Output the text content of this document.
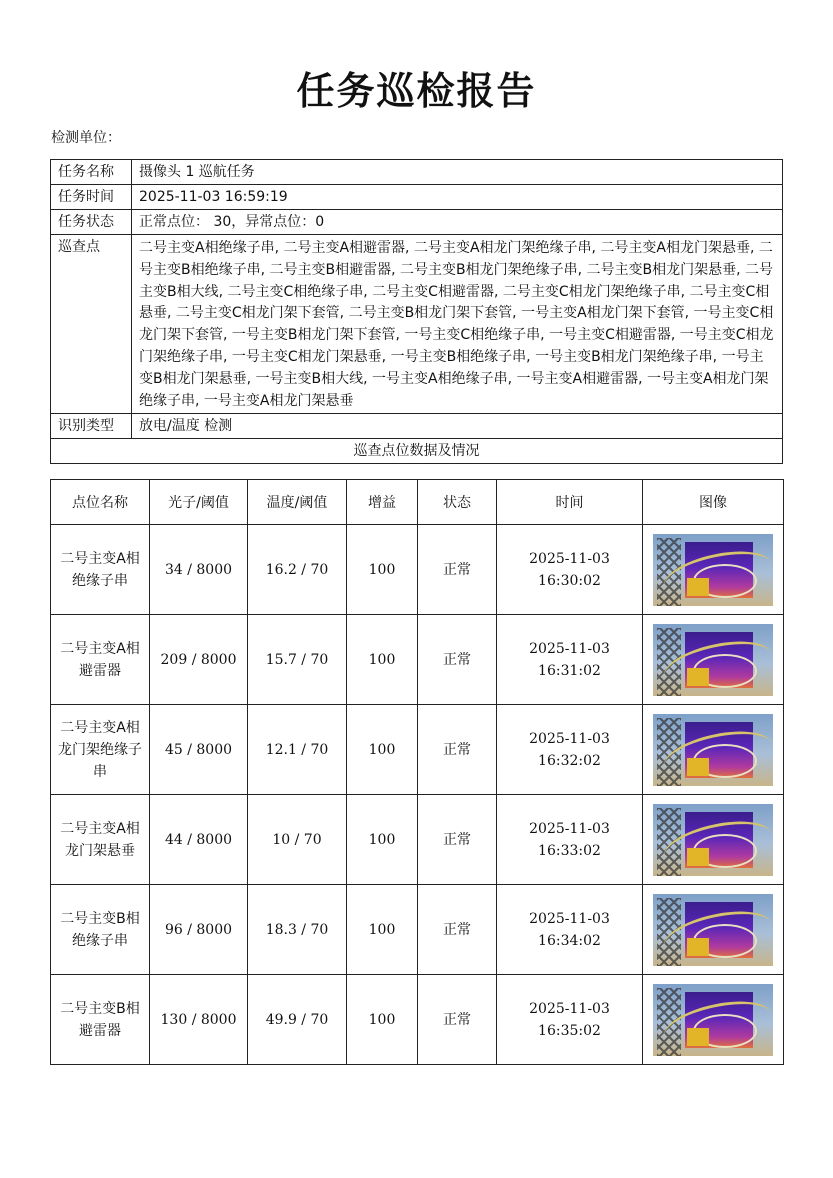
任务巡检报告
检测单位：
任务名称	摄像头 1 巡航任务
任务时间	2025-11-03 16:59:19
任务状态	正常点位： 30，异常点位：0
巡查点	二号主变A相绝缘子串, 二号主变A相避雷器, 二号主变A相龙门架绝缘子串, 二号主变A相龙门架悬垂, 二号主变B相绝缘子串, 二号主变B相避雷器, 二号主变B相龙门架绝缘子串, 二号主变B相龙门架悬垂, 二号主变B相大线, 二号主变C相绝缘子串, 二号主变C相避雷器, 二号主变C相龙门架绝缘子串, 二号主变C相悬垂, 二号主变C相龙门架下套管, 二号主变B相龙门架下套管, 一号主变A相龙门架下套管, 一号主变C相龙门架下套管, 一号主变B相龙门架下套管, 一号主变C相绝缘子串, 一号主变C相避雷器, 一号主变C相龙门架绝缘子串, 一号主变C相龙门架悬垂, 一号主变B相绝缘子串, 一号主变B相龙门架绝缘子串, 一号主变B相龙门架悬垂, 一号主变B相大线, 一号主变A相绝缘子串, 一号主变A相避雷器, 一号主变A相龙门架绝缘子串, 一号主变A相龙门架悬垂
识别类型	放电/温度 检测
巡查点位数据及情况	
点位名称	光子/阈值	温度/阈值	增益	状态	时间	图像
二号主变A相绝缘子串	34 / 8000	16.2 / 70	100	正常	2025-11-03
16:30:02	

二号主变A相避雷器	209 / 8000	15.7 / 70	100	正常	2025-11-03
16:31:02	

二号主变A相龙门架绝缘子串	45 / 8000	12.1 / 70	100	正常	2025-11-03
16:32:02	

二号主变A相龙门架悬垂	44 / 8000	10 / 70	100	正常	2025-11-03
16:33:02	

二号主变B相绝缘子串	96 / 8000	18.3 / 70	100	正常	2025-11-03
16:34:02	

二号主变B相避雷器	130 / 8000	49.9 / 70	100	正常	2025-11-03
16:35:02	
